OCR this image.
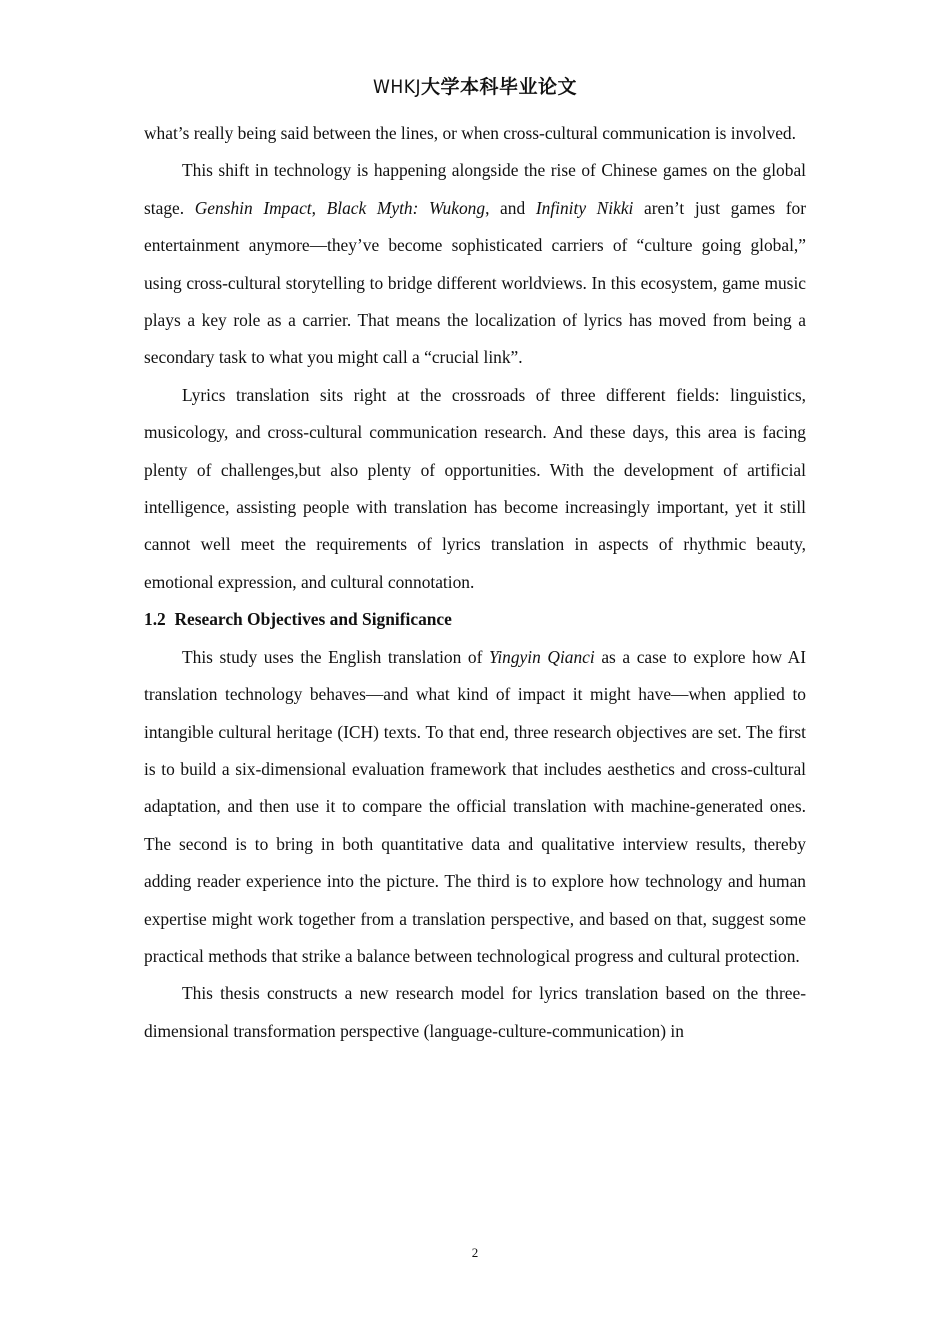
WHKJ大学本科毕业论文

what’s really being said between the lines, or when cross-cultural communication is involved.

This shift in technology is happening alongside the rise of Chinese games on the global stage. Genshin Impact, Black Myth: Wukong, and Infinity Nikki aren’t just games for entertainment anymore—they’ve become sophisticated carriers of “culture going global,” using cross-cultural storytelling to bridge different worldviews. In this ecosystem, game music plays a key role as a carrier. That means the localization of lyrics has moved from being a secondary task to what you might call a “crucial link”.

Lyrics translation sits right at the crossroads of three different fields: linguistics, musicology, and cross-cultural communication research. And these days, this area is facing plenty of challenges,but also plenty of opportunities. With the development of artificial intelligence, assisting people with translation has become increasingly important, yet it still cannot well meet the requirements of lyrics translation in aspects of rhythmic beauty, emotional expression, and cultural connotation.

1.2 Research Objectives and Significance

This study uses the English translation of Yingyin Qianci as a case to explore how AI translation technology behaves—and what kind of impact it might have—when applied to intangible cultural heritage (ICH) texts. To that end, three research objectives are set. The first is to build a six-dimensional evaluation framework that includes aesthetics and cross-cultural adaptation, and then use it to compare the official translation with machine-generated ones. The second is to bring in both quantitative data and qualitative interview results, thereby adding reader experience into the picture. The third is to explore how technology and human expertise might work together from a translation perspective, and based on that, suggest some practical methods that strike a balance between technological progress and cultural protection.

This thesis constructs a new research model for lyrics translation based on the three-dimensional transformation perspective (language-culture-communication) in

2
